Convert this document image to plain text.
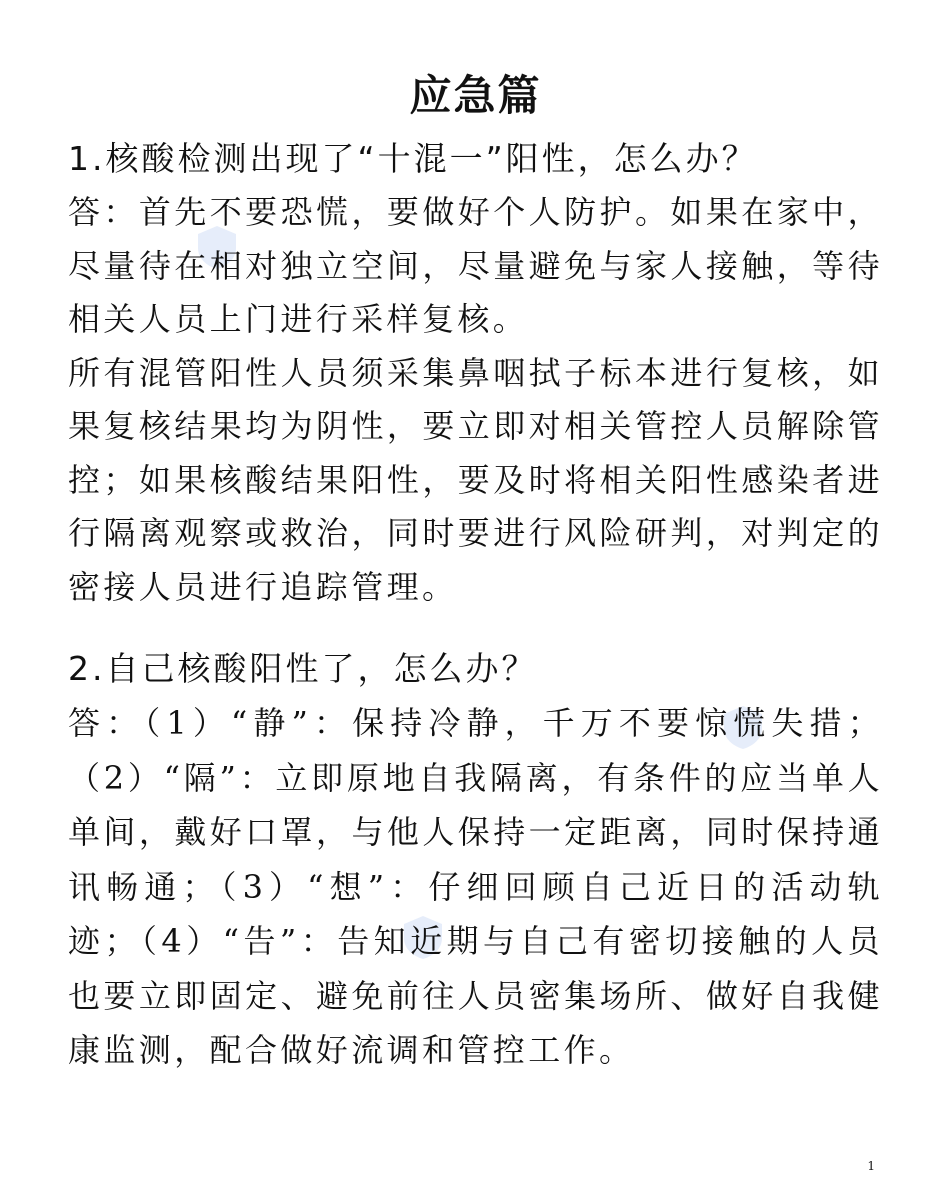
应急篇
1.核酸检测出现了“十混一”阳性，怎么办？

答：首先不要恐慌，要做好个人防护。如果在家中，尽量待在相对独立空间，尽量避免与家人接触，等待相关人员上门进行采样复核。

所有混管阳性人员须采集鼻咽拭子标本进行复核，如果复核结果均为阴性，要立即对相关管控人员解除管控；如果核酸结果阳性，要及时将相关阳性感染者进行隔离观察或救治，同时要进行风险研判，对判定的密接人员进行追踪管理。

2.自己核酸阳性了，怎么办？

答：（1）“静”：保持冷静，千万不要惊慌失措；（2）“隔”：立即原地自我隔离，有条件的应当单人单间，戴好口罩，与他人保持一定距离，同时保持通讯畅通；（3）“想”：仔细回顾自己近日的活动轨迹；（4）“告”：告知近期与自己有密切接触的人员也要立即固定、避免前往人员密集场所、做好自我健康监测，配合做好流调和管控工作。

1
